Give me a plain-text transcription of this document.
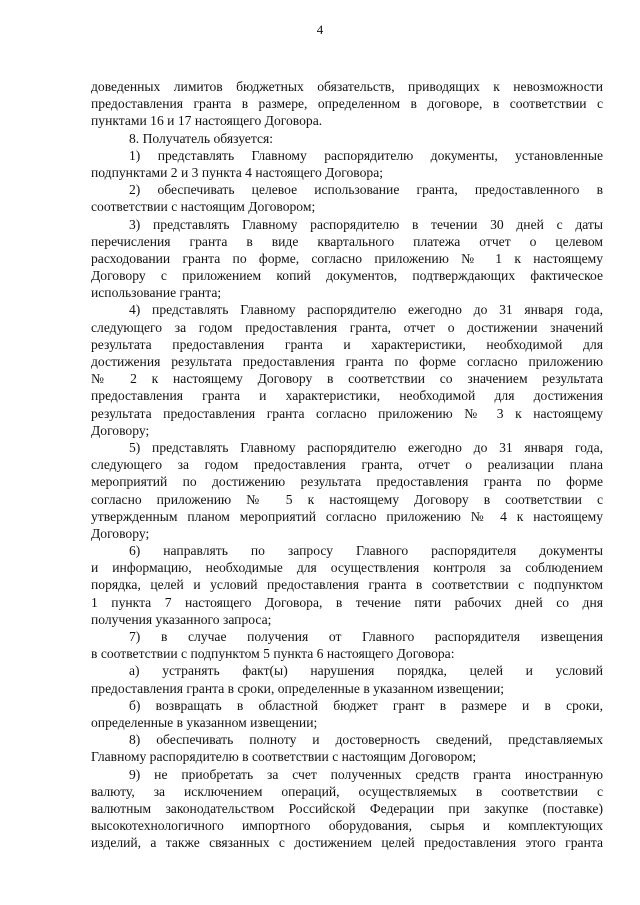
4
доведенных лимитов бюджетных обязательств, приводящих к невозможности
предоставления гранта в размере, определенном в договоре, в соответствии с
пунктами 16 и 17 настоящего Договора.
8. Получатель обязуется:
1) представлять Главному распорядителю документы, установленные
подпунктами 2 и 3 пункта 4 настоящего Договора;
2) обеспечивать целевое использование гранта, предоставленного в
соответствии с настоящим Договором;
3) представлять Главному распорядителю в течении 30 дней с даты
перечисления гранта в виде квартального платежа отчет о целевом
расходовании гранта по форме, согласно приложению № 1 к настоящему
Договору с приложением копий документов, подтверждающих фактическое
использование гранта;
4) представлять Главному распорядителю ежегодно до 31 января года,
следующего за годом предоставления гранта, отчет о достижении значений
результата предоставления гранта и характеристики, необходимой для
достижения результата предоставления гранта по форме согласно приложению
№ 2 к настоящему Договору в соответствии со значением результата
предоставления гранта и характеристики, необходимой для достижения
результата предоставления гранта согласно приложению № 3 к настоящему
Договору;
5) представлять Главному распорядителю ежегодно до 31 января года,
следующего за годом предоставления гранта, отчет о реализации плана
мероприятий по достижению результата предоставления гранта по форме
согласно приложению № 5 к настоящему Договору в соответствии с
утвержденным планом мероприятий согласно приложению № 4 к настоящему
Договору;
6) направлять по запросу Главного распорядителя документы
и информацию, необходимые для осуществления контроля за соблюдением
порядка, целей и условий предоставления гранта в соответствии с подпунктом
1 пункта 7 настоящего Договора, в течение пяти рабочих дней со дня
получения указанного запроса;
7) в случае получения от Главного распорядителя извещения
в соответствии с подпунктом 5 пункта 6 настоящего Договора:
а) устранять факт(ы) нарушения порядка, целей и условий
предоставления гранта в сроки, определенные в указанном извещении;
б) возвращать в областной бюджет грант в размере и в сроки,
определенные в указанном извещении;
8) обеспечивать полноту и достоверность сведений, представляемых
Главному распорядителю в соответствии с настоящим Договором;
9) не приобретать за счет полученных средств гранта иностранную
валюту, за исключением операций, осуществляемых в соответствии с
валютным законодательством Российской Федерации при закупке (поставке)
высокотехнологичного импортного оборудования, сырья и комплектующих
изделий, а также связанных с достижением целей предоставления этого гранта
